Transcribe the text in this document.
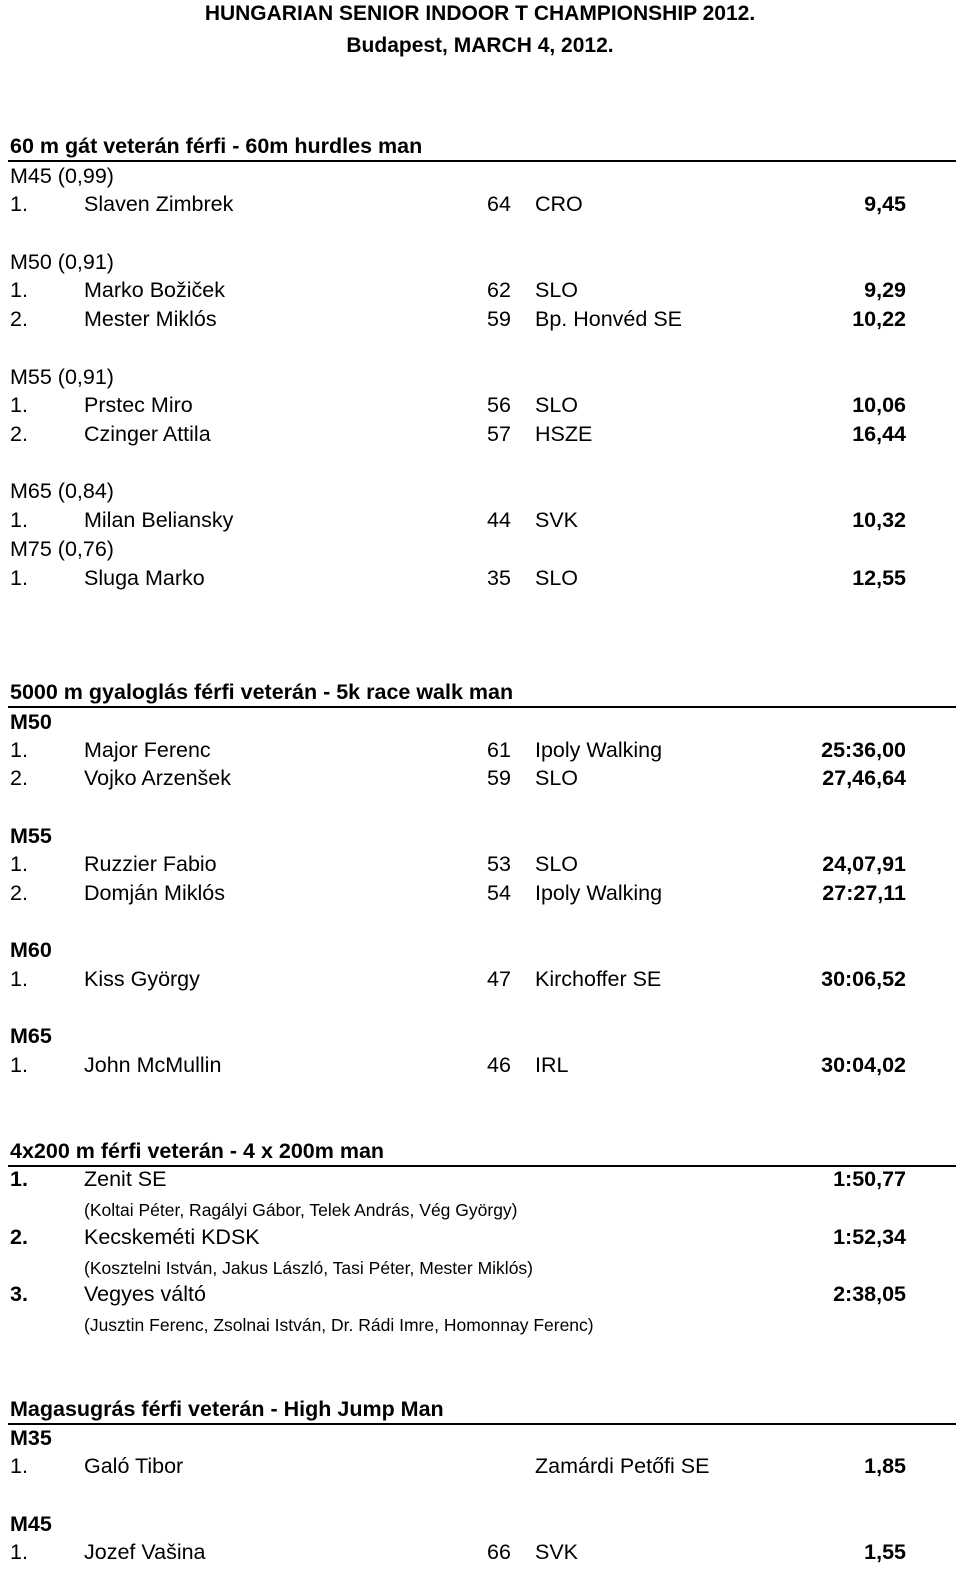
HUNGARIAN SENIOR INDOOR T CHAMPIONSHIP 2012.
Budapest, MARCH 4, 2012.
60 m gát veterán férfi - 60m hurdles man
M45 (0,99)
1.	Slaven Zimbrek	64 CRO	9,45
M50 (0,91)
1.	Marko Božiček	62 SLO	9,29
2.	Mester Miklós	59 Bp. Honvéd SE	10,22
M55 (0,91)
1.	Prstec Miro	56 SLO	10,06
2.	Czinger Attila	57 HSZE	16,44
M65 (0,84)
1.	Milan Beliansky	44 SVK	10,32
M75 (0,76)
1.	Sluga Marko	35 SLO	12,55
5000 m gyaloglás férfi veterán - 5k race walk man
M50
1.	Major Ferenc	61 Ipoly Walking	25:36,00
2.	Vojko Arzenšek	59 SLO	27,46,64
M55
1.	Ruzzier Fabio	53 SLO	24,07,91
2.	Domján Miklós	54 Ipoly Walking	27:27,11
M60
1.	Kiss György	47 Kirchoffer SE	30:06,52
M65
1.	John McMullin	46 IRL	30:04,02
4x200 m férfi veterán - 4 x 200m man
1.	Zenit SE	1:50,77
(Koltai Péter, Ragályi Gábor, Telek András, Vég György)
2.	Kecskeméti KDSK	1:52,34
(Kosztelni István, Jakus László, Tasi Péter, Mester Miklós)
3.	Vegyes váltó	2:38,05
(Jusztin Ferenc, Zsolnai István, Dr. Rádi Imre, Homonnay Ferenc)
Magasugrás férfi veterán - High Jump Man
M35
1.	Galó Tibor	Zamárdi Petőfi SE	1,85
M45
1.	Jozef Vašina	66 SVK	1,55
